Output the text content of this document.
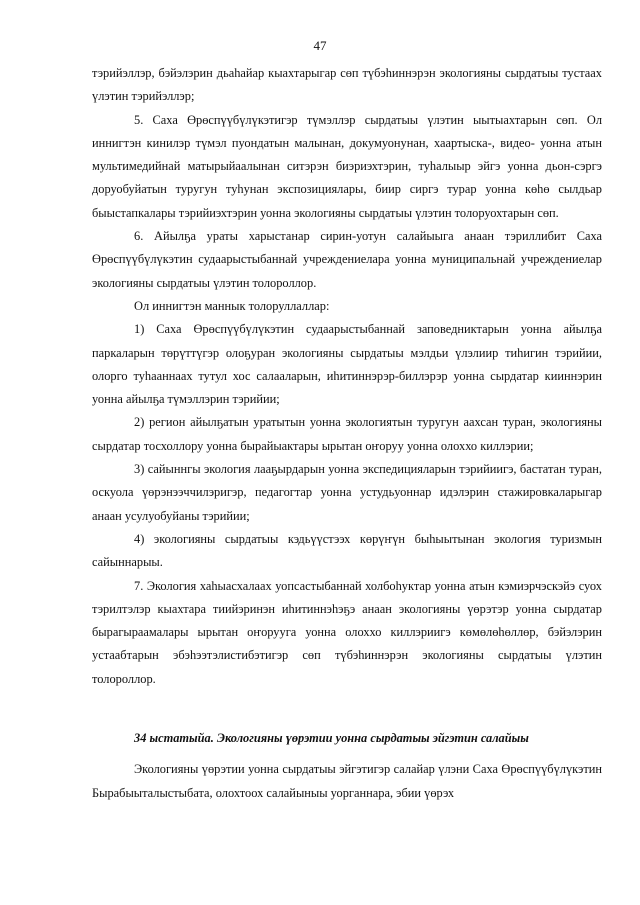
47

тэрийэллэр, бэйэлэрин дьаһайар кыахтарыгар сөп түбэһиннэрэн экологияны сырдатыы тустаах үлэтин тэрийэллэр;

5. Саха Өрөспүүбүлүкэтигэр түмэллэр сырдатыы үлэтин ыытыахтарын сөп. Ол иннигтэн кинилэр түмэл пуондатын малынан, докумуонунан, хаартыска-, видео- уонна атын мультимедийнай матырыйаалынан ситэрэн биэриэхтэрин, туһалыыр эйгэ уонна дьон-сэргэ доруобуйатын туругун туһунан экспозициялары, биир сиргэ турар уонна көһө сылдьар быыстапкалары тэрийиэхтэрин уонна экологияны сырдатыы үлэтин толоруохтарын сөп.

6. Айылҕа ураты харыстанар сирин-уотун салайыыга анаан тэриллибит Саха Өрөспүүбүлүкэтин судаарыстыбаннай учреждениелара уонна муниципальнай учреждениелар экологияны сырдатыы үлэтин толороллор.

Ол иннигтэн маннык толоруллаллар:

1) Саха Өрөспүүбүлүкэтин судаарыстыбаннай заповедниктарын уонна айылҕа паркаларын төрүттүгэр олоҕуран экологияны сырдатыы мэлдьи үлэлиир тиһигин тэрийии, олорго туһааннаах тутул хос салааларын, иһитиннэрэр-биллэрэр уонна сырдатар кииннэрин уонна айылҕа түмэллэрин тэрийии;

2) регион айылҕатын уратытын уонна экологиятын туругун аахсан туран, экологияны сырдатар тосхоллору уонна бырайыактары ырытан оҥоруу уонна олоххо киллэрии;

3) сайыннгы экология лааҕырдарын уонна экспедицияларын тэрийиигэ, бастатан туран, оскуола үөрэнээччилэригэр, педагогтар уонна устудьуоннар идэлэрин стажировкаларыгар анаан усулуобуйаны тэрийии;

4) экологияны сырдатыы кэдьүүстээх көрүҥүн быһыытынан экология туризмын сайыннарыы.

7. Экология хаһыасхалаах уопсастыбаннай холбоһуктар уонна атын кэмиэрчэскэйэ суох тэрилтэлэр кыахтара тиийэринэн иһитиннэһэҕэ анаан экологияны үөрэтэр уонна сырдатар бырагыраамалары ырытан оҥорууга уонна олоххо киллэриигэ көмөлөһөллөр, бэйэлэрин устаабтарын эбэһээтэлистибэтигэр сөп түбэһиннэрэн экологияны сырдатыы үлэтин толороллор.

34 ыстатыйа. Экологияны үөрэтии уонна сырдатыы эйгэтин салайыы

Экологияны үөрэтии уонна сырдатыы эйгэтигэр салайар үлэни Саха Өрөспүүбүлүкэтин Бырабыыталыстыбата, олохтоох салайыныы уорганнара, эбии үөрэх
